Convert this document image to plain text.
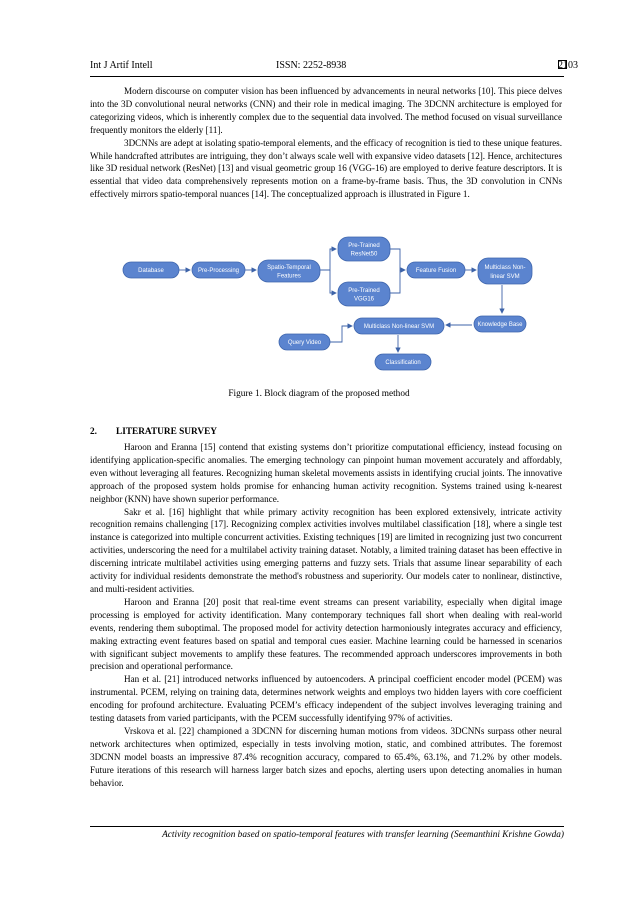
Int J Artif Intell	ISSN: 2252-8938	2103

Modern discourse on computer vision has been influenced by advancements in neural networks [10]. This piece delves into the 3D convolutional neural networks (CNN) and their role in medical imaging. The 3DCNN architecture is employed for categorizing videos, which is inherently complex due to the sequential data involved. The method focused on visual surveillance frequently monitors the elderly [11].

3DCNNs are adept at isolating spatio-temporal elements, and the efficacy of recognition is tied to these unique features. While handcrafted attributes are intriguing, they don’t always scale well with expansive video datasets [12]. Hence, architectures like 3D residual network (ResNet) [13] and visual geometric group 16 (VGG-16) are employed to derive feature descriptors. It is essential that video data comprehensively represents motion on a frame-by-frame basis. Thus, the 3D convolution in CNNs effectively mirrors spatio-temporal nuances [14]. The conceptualized approach is illustrated in Figure 1.

Database	Pre-Processing	Spatio-Temporal
Features
Pre-Trained
ResNet50
Pre-Trained
VGG16
Feature Fusion	Multiclass Non-
linear SVM
Knowledge Base
Multiclass Non-linear SVM
Query Video
Classification
Figure 1. Block diagram of the proposed method
2. LITERATURE SURVEY

Haroon and Eranna [15] contend that existing systems don’t prioritize computational efficiency, instead focusing on identifying application-specific anomalies. The emerging technology can pinpoint human movement accurately and affordably, even without leveraging all features. Recognizing human skeletal movements assists in identifying crucial joints. The innovative approach of the proposed system holds promise for enhancing human activity recognition. Systems trained using k-nearest neighbor (KNN) have shown superior performance.

Sakr et al. [16] highlight that while primary activity recognition has been explored extensively, intricate activity recognition remains challenging [17]. Recognizing complex activities involves multilabel classification [18], where a single test instance is categorized into multiple concurrent activities. Existing techniques [19] are limited in recognizing just two concurrent activities, underscoring the need for a multilabel activity training dataset. Notably, a limited training dataset has been effective in discerning intricate multilabel activities using emerging patterns and fuzzy sets. Trials that assume linear separability of each activity for individual residents demonstrate the method's robustness and superiority. Our models cater to nonlinear, distinctive, and multi-resident activities.

Haroon and Eranna [20] posit that real-time event streams can present variability, especially when digital image processing is employed for activity identification. Many contemporary techniques fall short when dealing with real-world events, rendering them suboptimal. The proposed model for activity detection harmoniously integrates accuracy and efficiency, making extracting event features based on spatial and temporal cues easier. Machine learning could be harnessed in scenarios with significant subject movements to amplify these features. The recommended approach underscores improvements in both precision and operational performance.

Han et al. [21] introduced networks influenced by autoencoders. A principal coefficient encoder model (PCEM) was instrumental. PCEM, relying on training data, determines network weights and employs two hidden layers with core coefficient encoding for profound architecture. Evaluating PCEM’s efficacy independent of the subject involves leveraging training and testing datasets from varied participants, with the PCEM successfully identifying 97% of activities.

Vrskova et al. [22] championed a 3DCNN for discerning human motions from videos. 3DCNNs surpass other neural network architectures when optimized, especially in tests involving motion, static, and combined attributes. The foremost 3DCNN model boasts an impressive 87.4% recognition accuracy, compared to 65.4%, 63.1%, and 71.2% by other models. Future iterations of this research will harness larger batch sizes and epochs, alerting users upon detecting anomalies in human behavior.

Activity recognition based on spatio-temporal features with transfer learning (Seemanthini Krishne Gowda)
